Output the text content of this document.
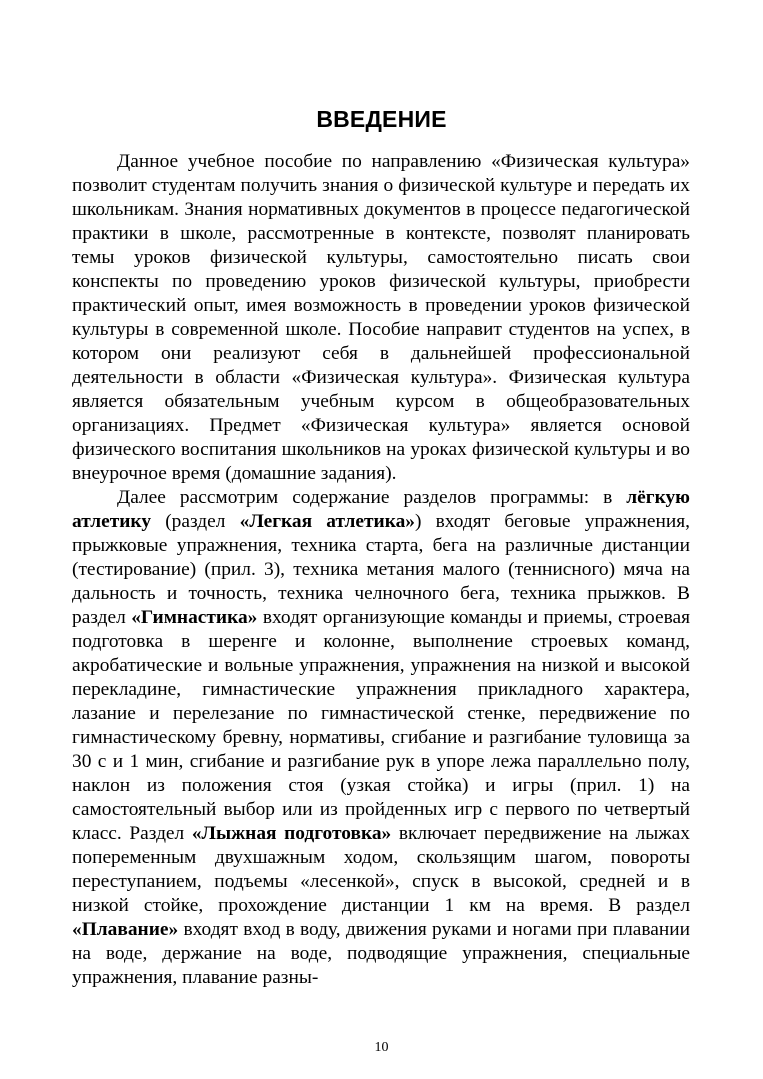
ВВЕДЕНИЕ

Данное учебное пособие по направлению «Физическая культура» позволит студентам получить знания о физической культуре и передать их школьникам. Знания нормативных документов в процессе педагогической практики в школе, рассмотренные в контексте, позволят планировать темы уроков физической культуры, самостоятельно писать свои конспекты по проведению уроков физической культуры, приобрести практический опыт, имея возможность в проведении уроков физической культуры в современной школе. Пособие направит студентов на успех, в котором они реализуют себя в дальнейшей профессиональной деятельности в области «Физическая культура». Физическая культура является обязательным учебным курсом в общеобразовательных организациях. Предмет «Физическая культура» является основой физического воспитания школьников на уроках физической культуры и во внеурочное время (домашние задания).

Далее рассмотрим содержание разделов программы: в лёгкую атлетику (раздел «Легкая атлетика») входят беговые упражнения, прыжковые упражнения, техника старта, бега на различные дистанции (тестирование) (прил. 3), техника метания малого (теннисного) мяча на дальность и точность, техника челночного бега, техника прыжков. В раздел «Гимнастика» входят организующие команды и приемы, строевая подготовка в шеренге и колонне, выполнение строевых команд, акробатические и вольные упражнения, упражнения на низкой и высокой перекладине, гимнастические упражнения прикладного характера, лазание и перелезание по гимнастической стенке, передвижение по гимнастическому бревну, нормативы, сгибание и разгибание туловища за 30 с и 1 мин, сгибание и разгибание рук в упоре лежа параллельно полу, наклон из положения стоя (узкая стойка) и игры (прил. 1) на самостоятельный выбор или из пройденных игр с первого по четвертый класс. Раздел «Лыжная подготовка» включает передвижение на лыжах попеременным двухшажным ходом, скользящим шагом, повороты переступанием, подъемы «лесенкой», спуск в высокой, средней и в низкой стойке, прохождение дистанции 1 км на время. В раздел «Плавание» входят вход в воду, движения руками и ногами при плавании на воде, держание на воде, подводящие упражнения, специальные упражнения, плавание разны-

10
